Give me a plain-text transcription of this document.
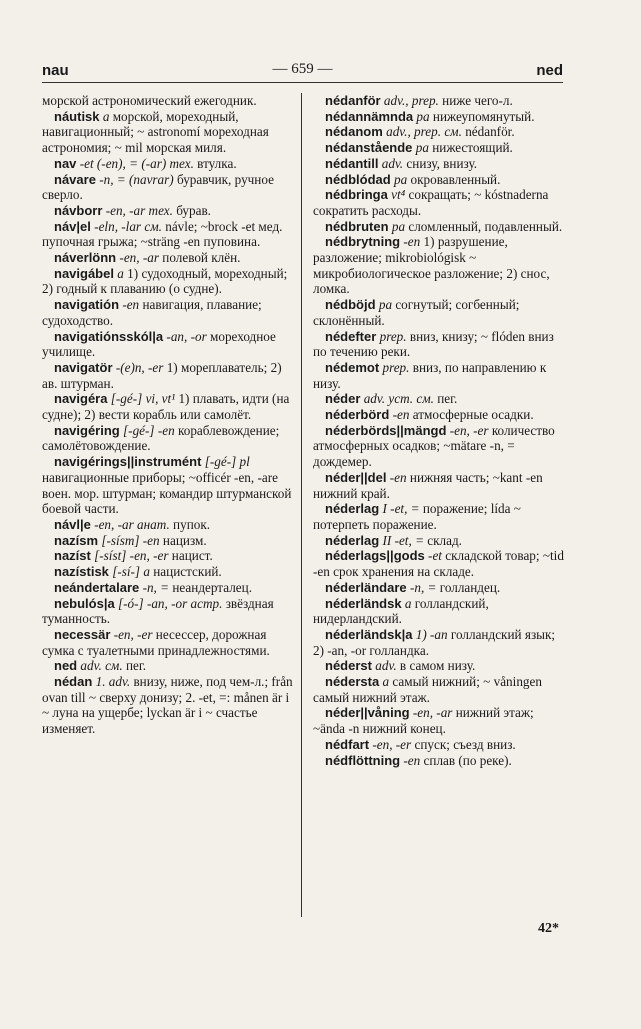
nau	— 659 —	ned

морской астрономический ежегодник.

náutisk a морской, мореходный, навигационный; ~ astronomí мореходная астрономия; ~ mil морская миля.

nav -et (-en), = (-ar) тех. втулка.

návare -n, = (navrar) буравчик, ручное сверло.

návborr -en, -ar тех. бурав.

náv|el -eln, -lar см. návle; ~brock -et мед. пупочная грыжа; ~sträng -en пуповина.

náverlönn -en, -ar полевой клён.

navigábel a 1) судоходный, мореходный; 2) годный к плаванию (о судне).

navigatión -en навигация, плавание; судоходство.

navigatiónsskól|a -an, -or мореходное училище.

navigatör -(e)n, -er 1) мореплаватель; 2) ав. штурман.

navigéra [-gé-] vi, vt¹ 1) плавать, идти (на судне); 2) вести корабль или самолёт.

navigéring [-gé-] -en кораблевождение; самолётовождение.

navigérings||instrumént [-gé-] pl навигационные приборы; ~officér -en, -are воен. мор. штурман; командир штурманской боевой части.

návl|e -en, -ar анат. пупок.

nazísm [-sísm] -en нацизм.

nazíst [-síst] -en, -er нацист.

nazístisk [-sí-] a нацистский.

neándertalare -n, = неандерталец.

nebulós|a [-ó-] -an, -or астр. звёздная туманность.

necessär -en, -er несессер, дорожная сумка с туалетными принадлежностями.

ned adv. см. пег.

nédan 1. adv. внизу, ниже, под чем-л.; från ovan till ~ сверху донизу; 2. -et, =: månen är i ~ луна на ущербе; lyckan är i ~ счастье изменяет.

nédanför adv., prep. ниже чего-л.

nédannämnda pa нижеупомянутый.

nédanom adv., prep. см. nédanför.

nédanstående pa нижестоящий.

nédantill adv. снизу, внизу.

nédblódad pa окровавленный.

nédbringa vt⁴ сокращать; ~ kóstnaderna сократить расходы.

nédbruten pa сломленный, подавленный.

nédbrytning -en 1) разрушение, разложение; mikrobiológisk ~ микробиологическое разложение; 2) снос, ломка.

nédböjd pa согнутый; согбенный; склонённый.

nédefter prep. вниз, книзу; ~ flóden вниз по течению реки.

nédemot prep. вниз, по направлению к низу.

néder adv. уст. см. пег.

néderbörd -en атмосферные осадки.

néderbörds||mängd -en, -er количество атмосферных осадков; ~mätare -n, = дождемер.

néder||del -en нижняя часть; ~kant -en нижний край.

néderlag I -et, = поражение; lída ~ потерпеть поражение.

néderlag II -et, = склад.

néderlags||gods -et складской товар; ~tid -en срок хранения на складе.

néderländare -n, = голландец.

néderländsk a голландский, нидерландский.

néderländsk|a 1) -an голландский язык; 2) -an, -or голландка.

néderst adv. в самом низу.

nédersta a самый нижний; ~ våningen самый нижний этаж.

néder||våning -en, -ar нижний этаж; ~ända -n нижний конец.

nédfart -en, -er спуск; съезд вниз.

nédflöttning -en сплав (по реке).

42*
